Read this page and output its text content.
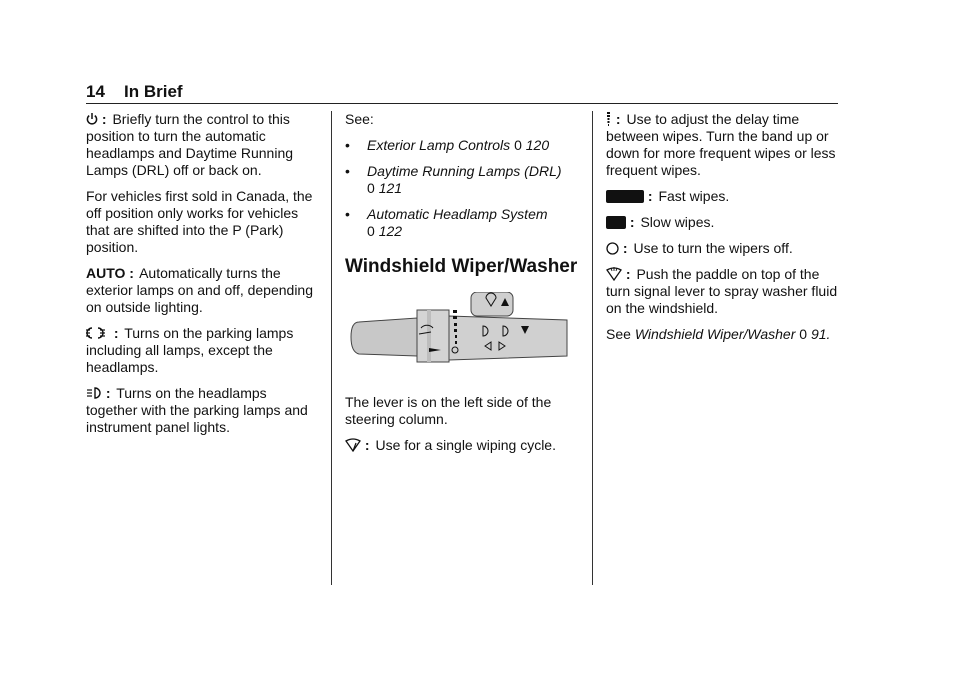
14 In Brief

: Briefly turn the control to this position to turn the automatic headlamps and Daytime Running Lamps (DRL) off or back on.

For vehicles first sold in Canada, the off position only works for vehicles that are shifted into the P (Park) position.

AUTO : Automatically turns the exterior lamps on and off, depending on outside lighting.

: Turns on the parking lamps including all lamps, except the headlamps.

: Turns on the headlamps together with the parking lamps and instrument panel lights.

See:

•	Exterior Lamp Controls 0 120
•	Daytime Running Lamps (DRL)
0 121
•	Automatic Headlamp System
0 122
Windshield Wiper/Washer

The lever is on the left side of the steering column.

: Use for a single wiping cycle.

: Use to adjust the delay time between wipes. Turn the band up or down for more frequent wipes or less frequent wipes.

: Fast wipes.

: Slow wipes.

: Use to turn the wipers off.

: Push the paddle on top of the turn signal lever to spray washer fluid on the windshield.

See Windshield Wiper/Washer 0 91.
